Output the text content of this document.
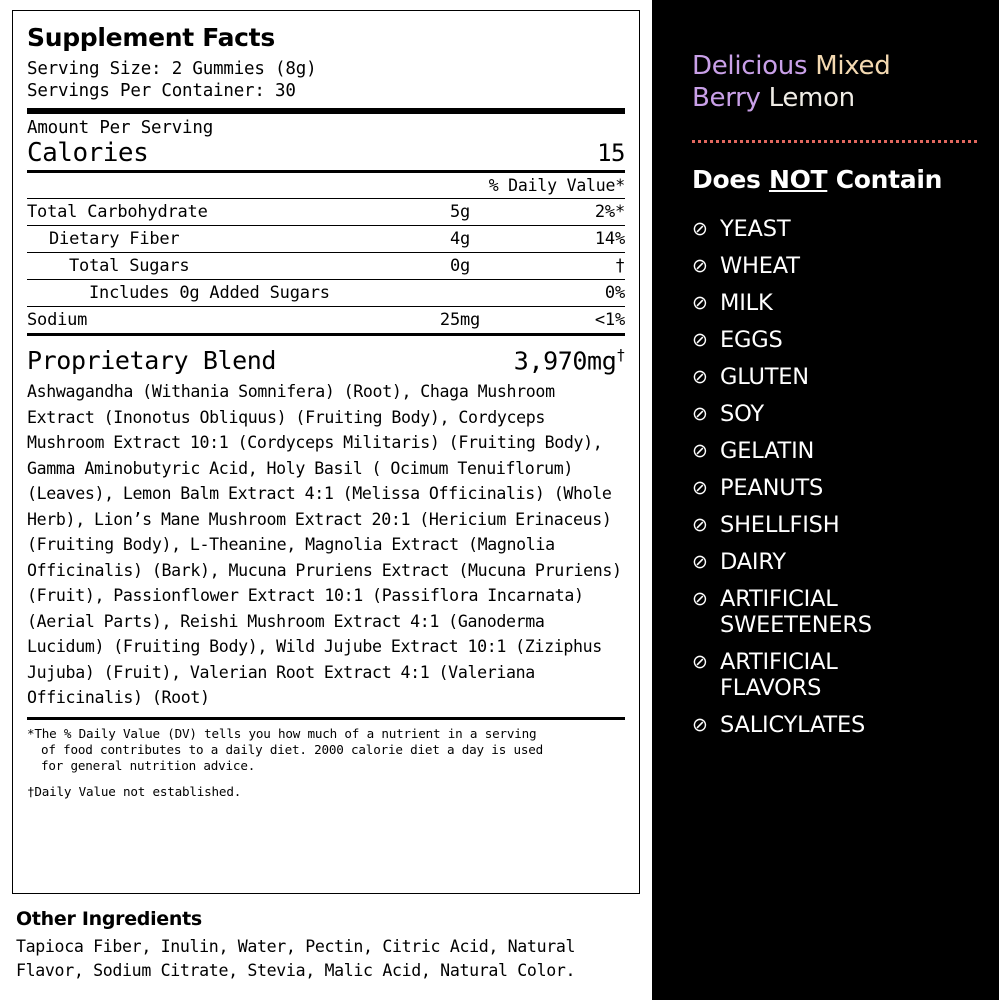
Supplement Facts
Serving Size: 2 Gummies (8g)
Servings Per Container: 30
Amount Per Serving
Calories	15
% Daily Value*
Total Carbohydrate	5g	2%*
Dietary Fiber	4g	14%
Total Sugars	0g	†
Includes 0g Added Sugars		0%
Sodium	25mg	<1%
Proprietary Blend	3,970mg†
Ashwagandha (Withania Somnifera) (Root), Chaga Mushroom Extract (Inonotus Obliquus) (Fruiting Body), Cordyceps Mushroom Extract 10:1 (Cordyceps Militaris) (Fruiting Body), Gamma Aminobutyric Acid, Holy Basil ( Ocimum Tenuiflorum) (Leaves), Lemon Balm Extract 4:1 (Melissa Officinalis) (Whole Herb), Lion’s Mane Mushroom Extract 20:1 (Hericium Erinaceus) (Fruiting Body), L-Theanine, Magnolia Extract (Magnolia Officinalis) (Bark), Mucuna Pruriens Extract (Mucuna Pruriens) (Fruit), Passionflower Extract 10:1 (Passiflora Incarnata) (Aerial Parts), Reishi Mushroom Extract 4:1 (Ganoderma Lucidum) (Fruiting Body), Wild Jujube Extract 10:1 (Ziziphus Jujuba) (Fruit), Valerian Root Extract 4:1 (Valeriana Officinalis) (Root)
*The % Daily Value (DV) tells you how much of a nutrient in a serving
of food contributes to a daily diet. 2000 calorie diet a day is used
for general nutrition advice.
†Daily Value not established.
Other Ingredients
Tapioca Fiber, Inulin, Water, Pectin, Citric Acid, Natural Flavor, Sodium Citrate, Stevia, Malic Acid, Natural Color.
Delicious Mixed
Berry Lemon
Does NOT Contain
⊘ YEAST
⊘ WHEAT
⊘ MILK
⊘ EGGS
⊘ GLUTEN
⊘ SOY
⊘ GELATIN
⊘ PEANUTS
⊘ SHELLFISH
⊘ DAIRY
⊘ ARTIFICIAL
SWEETENERS
⊘ ARTIFICIAL
FLAVORS
⊘ SALICYLATES
